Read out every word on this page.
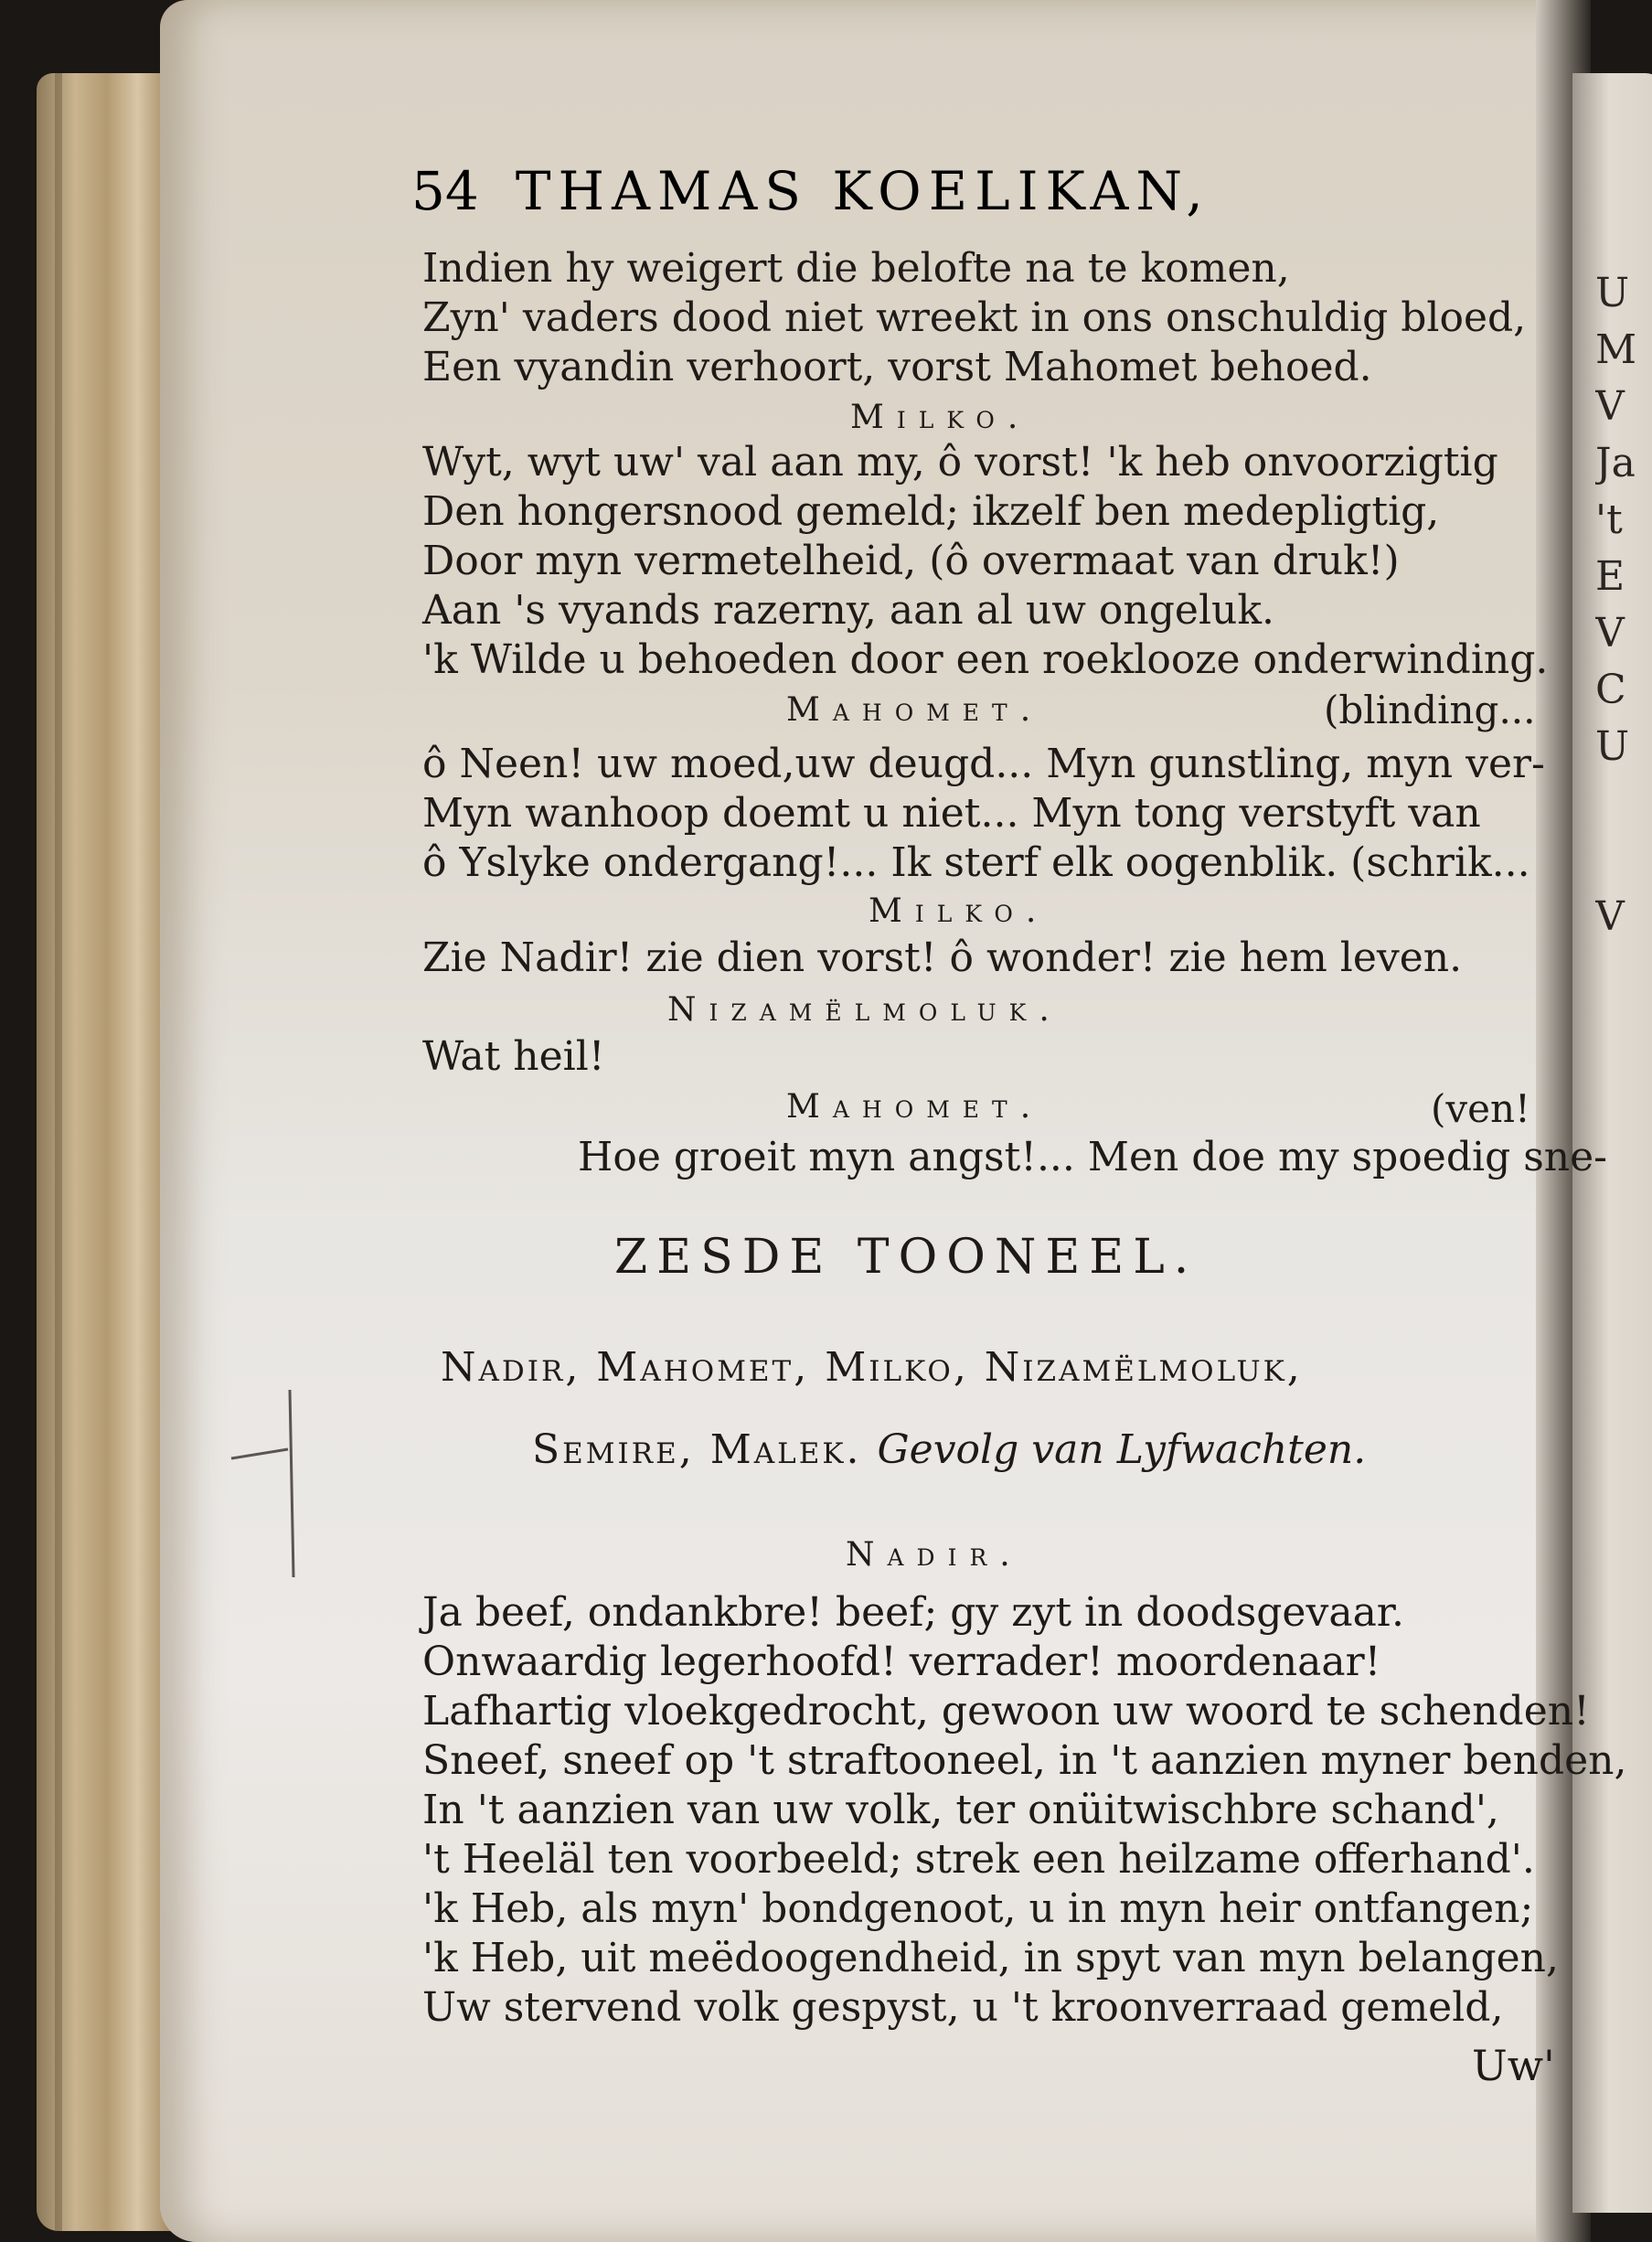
U
M
V
Ja
't
E
V
C
U
V
54 THAMAS KOELIKAN,
Indien hy weigert die belofte na te komen,
Zyn' vaders dood niet wreekt in ons onschuldig bloed,
Een vyandin verhoort, vorst Mahomet behoed.
Milko.
Wyt, wyt uw' val aan my, ô vorst! 'k heb onvoorzigtig
Den hongersnood gemeld; ikzelf ben medepligtig,
Door myn vermetelheid, (ô overmaat van druk!)
Aan 's vyands razerny, aan al uw ongeluk.
'k Wilde u behoeden door een roekloozе onderwinding.
Mahomet.	(blinding...
ô Neen! uw moed,uw deugd... Myn gunstling, myn ver-
Myn wanhoop doemt u niet... Myn tong verstyft van
ô Yslyke ondergang!... Ik sterf elk oogenblik. (schrik...
Milko.
Zie Nadir! zie dien vorst! ô wonder! zie hem leven.
Nizamëlmoluk.
Wat heil!
Mahomet.	(ven!
Hoe groeit myn angst!... Men doe my spoedig sne-
ZESDE TOONEEL.
Nadir, Mahomet, Milko, Nizamëlmoluk,
Semire, Malek. Gevolg van Lyfwachten.
Nadir.
Ja beef, ondankbre! beef; gy zyt in doodsgevaar.
Onwaardig legerhoofd! verrader! moordenaar!
Lafhartig vloekgedrocht, gewoon uw woord te schenden!
Sneef, sneef op 't straftooneel, in 't aanzien myner benden,
In 't aanzien van uw volk, ter onüitwischbre schand',
't Heeläl ten voorbeeld; strek een heilzame offerhand'.
'k Heb, als myn' bondgenoot, u in myn heir ontfangen;
'k Heb, uit meëdoogendheid, in spyt van myn belangen,
Uw stervend volk gespyst, u 't kroonverraad gemeld,
Uw'
